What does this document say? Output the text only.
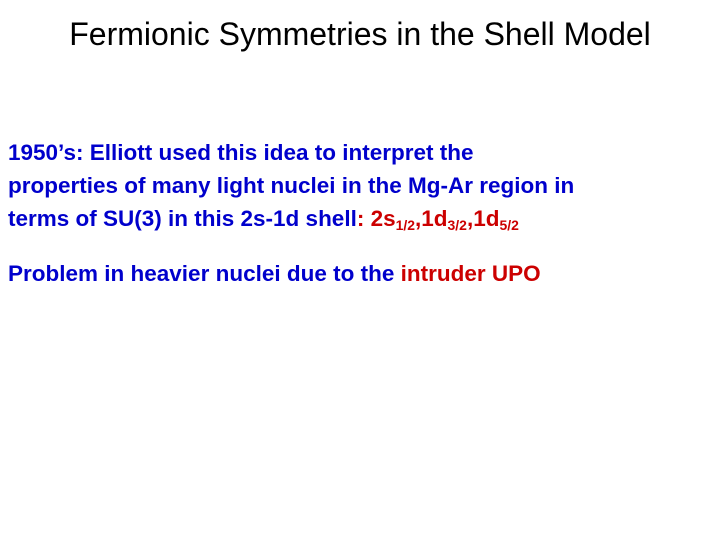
Fermionic Symmetries in the Shell Model

1950’s: Elliott used this idea to interpret the
properties of many light nuclei in the Mg-Ar region in
terms of SU(3) in this 2s-1d shell: $2s_{1/2},1d_{3/2},1d_{5/2}$

Problem in heavier nuclei due to the intruder UPO
